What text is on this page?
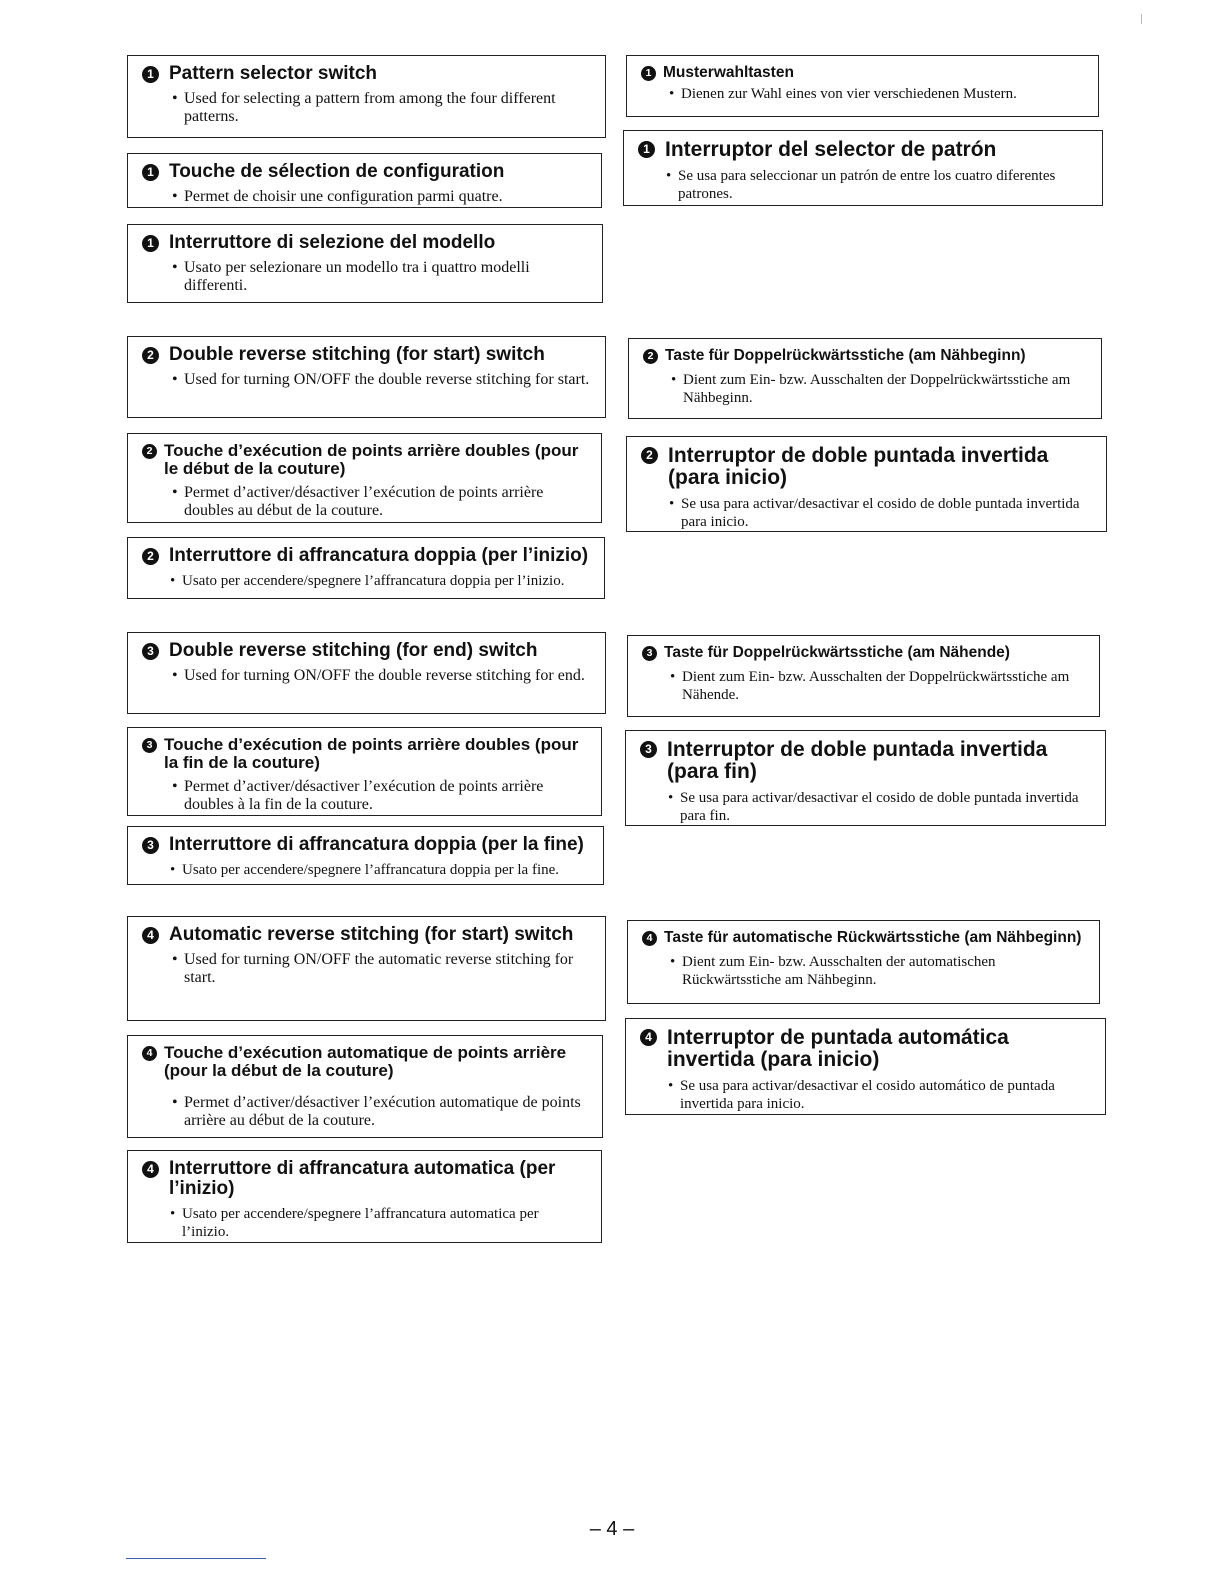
1 Pattern selector switch
•
Used for selecting a pattern from among the four different patterns.
1 Touche de sélection de configuration
•
Permet de choisir une configuration parmi quatre.
1 Interruttore di selezione del modello
•
Usato per selezionare un modello tra i quattro modelli differenti.
1 Musterwahltasten
•
Dienen zur Wahl eines von vier verschiedenen Mustern.
1 Interruptor del selector de patrón
•
Se usa para seleccionar un patrón de entre los cuatro diferentes patrones.
2 Double reverse stitching (for start) switch
•
Used for turning ON/OFF the double reverse stitching for start.
2 Touche d’exécution de points arrière doubles (pour le début de la couture)
•
Permet d’activer/désactiver l’exécution de points arrière doubles au début de la couture.
2 Interruttore di affrancatura doppia (per l’inizio)
•
Usato per accendere/spegnere l’affrancatura doppia per l’inizio.
2 Taste für Doppelrückwärtsstiche (am Nähbeginn)
•
Dient zum Ein- bzw. Ausschalten der Doppelrückwärtsstiche am Nähbeginn.
2 Interruptor de doble puntada invertida (para inicio)
•
Se usa para activar/desactivar el cosido de doble puntada invertida para inicio.
3 Double reverse stitching (for end) switch
•
Used for turning ON/OFF the double reverse stitching for end.
3 Touche d’exécution de points arrière doubles (pour la fin de la couture)
•
Permet d’activer/désactiver l’exécution de points arrière doubles à la fin de la couture.
3 Interruttore di affrancatura doppia (per la fine)
•
Usato per accendere/spegnere l’affrancatura doppia per la fine.
3 Taste für Doppelrückwärtsstiche (am Nähende)
•
Dient zum Ein- bzw. Ausschalten der Doppelrückwärtsstiche am Nähende.
3 Interruptor de doble puntada invertida (para fin)
•
Se usa para activar/desactivar el cosido de doble puntada invertida para fin.
4 Automatic reverse stitching (for start) switch
•
Used for turning ON/OFF the automatic reverse stitching for start.
4 Touche d’exécution automatique de points arrière (pour la début de la couture)
•
Permet d’activer/désactiver l’exécution automatique de points arrière au début de la couture.
4 Interruttore di affrancatura automatica (per l’inizio)
•
Usato per accendere/spegnere l’affrancatura automatica per l’inizio.
4 Taste für automatische Rückwärtsstiche (am Nähbeginn)
•
Dient zum Ein- bzw. Ausschalten der automatischen Rückwärtsstiche am Nähbeginn.
4 Interruptor de puntada automática invertida (para inicio)
•
Se usa para activar/desactivar el cosido automático de puntada invertida para inicio.
– 4 –
